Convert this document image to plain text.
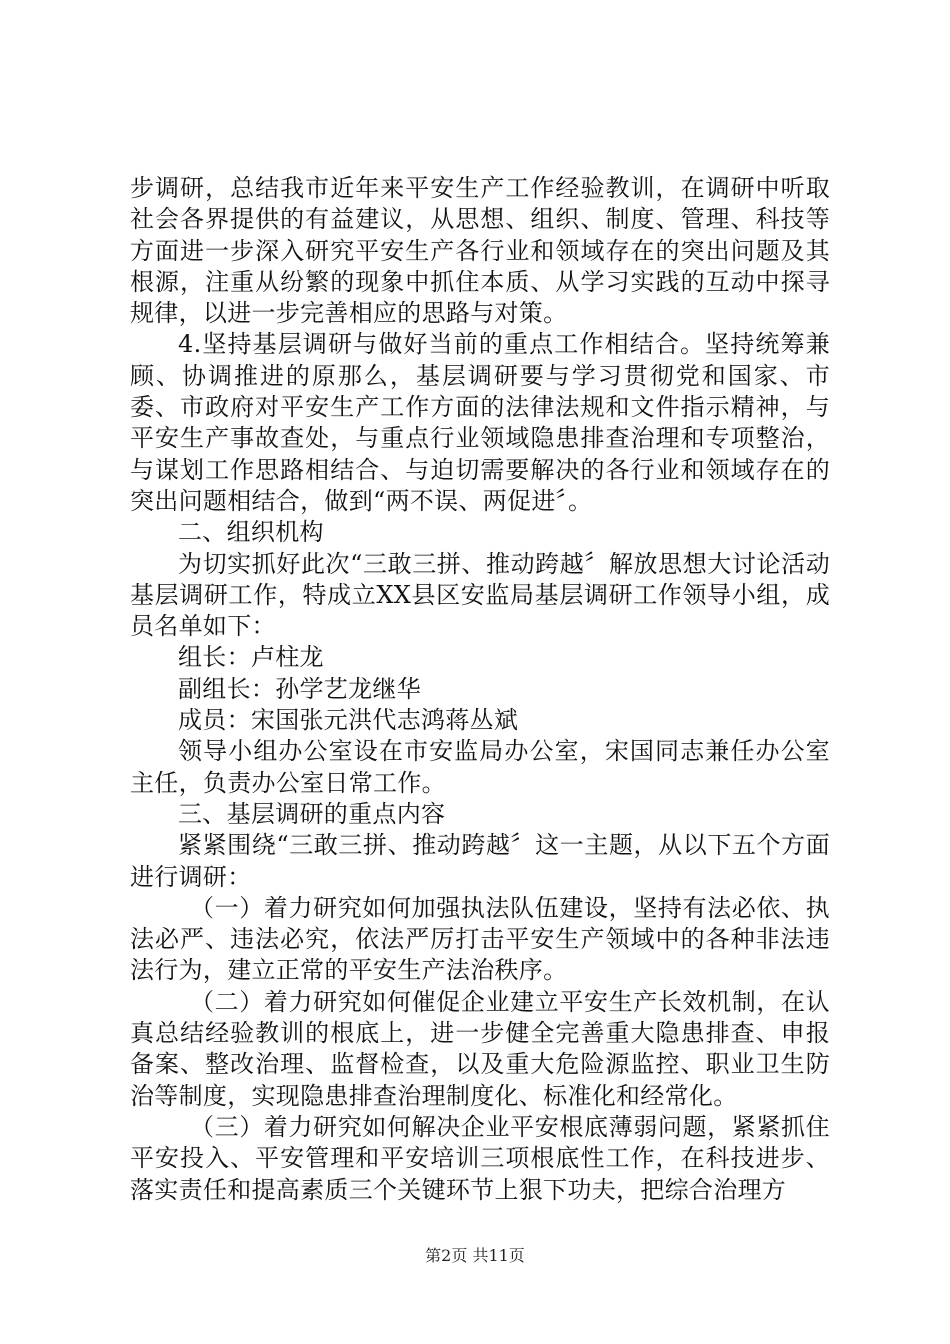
步调研，总结我市近年来平安生产工作经验教训，在调研中听取社会各界提供的有益建议，从思想、组织、制度、管理、科技等方面进一步深入研究平安生产各行业和领域存在的突出问题及其根源，注重从纷繁的现象中抓住本质、从学习实践的互动中探寻规律，以进一步完善相应的思路与对策。

4.坚持基层调研与做好当前的重点工作相结合。坚持统筹兼顾、协调推进的原那么，基层调研要与学习贯彻党和国家、市委、市政府对平安生产工作方面的法律法规和文件指示精神，与平安生产事故查处，与重点行业领域隐患排查治理和专项整治，与谋划工作思路相结合、与迫切需要解决的各行业和领域存在的突出问题相结合，做到“两不误、两促进〞。

二、组织机构

为切实抓好此次“三敢三拼、推动跨越〞解放思想大讨论活动基层调研工作，特成立XX县区安监局基层调研工作领导小组，成员名单如下：

组长：卢柱龙

副组长：孙学艺龙继华

成员：宋国张元洪代志鸿蒋丛斌

领导小组办公室设在市安监局办公室，宋国同志兼任办公室主任，负责办公室日常工作。

三、基层调研的重点内容

紧紧围绕“三敢三拼、推动跨越〞这一主题，从以下五个方面进行调研：

（一）着力研究如何加强执法队伍建设，坚持有法必依、执法必严、违法必究，依法严厉打击平安生产领域中的各种非法违法行为，建立正常的平安生产法治秩序。

（二）着力研究如何催促企业建立平安生产长效机制，在认真总结经验教训的根底上，进一步健全完善重大隐患排查、申报备案、整改治理、监督检查，以及重大危险源监控、职业卫生防治等制度，实现隐患排查治理制度化、标准化和经常化。

（三）着力研究如何解决企业平安根底薄弱问题，紧紧抓住平安投入、平安管理和平安培训三项根底性工作，在科技进步、落实责任和提高素质三个关键环节上狠下功夫，把综合治理方

第2页 共11页
